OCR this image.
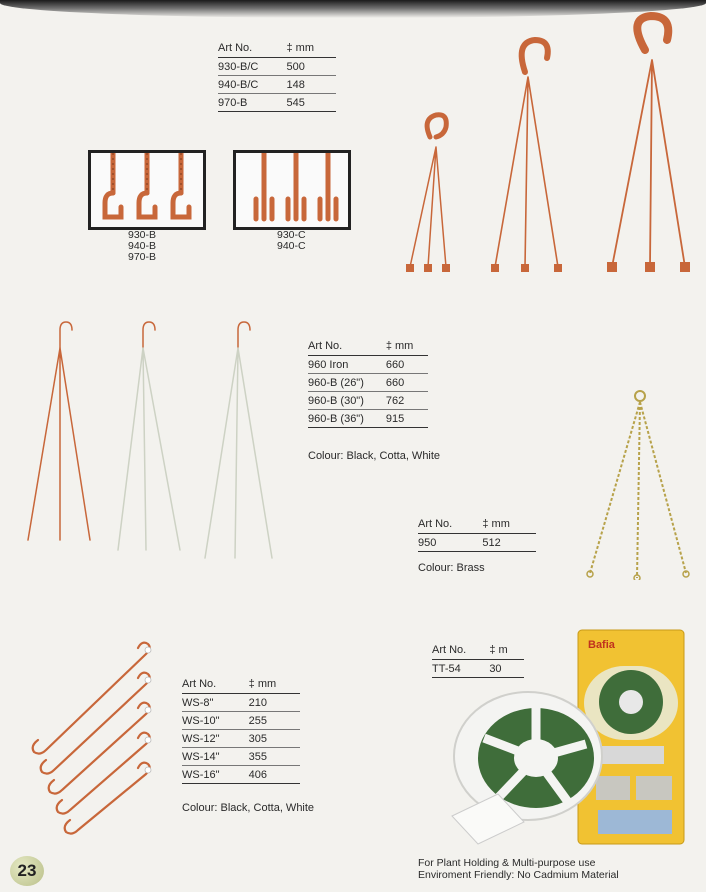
Art No.	‡ mm
930-B/C	500
940-B/C	148
970-B	545
930-B
940-B
970-B
930-C
940-C
Art No.	‡ mm
960 Iron	660
960-B (26")	660
960-B (30")	762
960-B (36")	915
Colour: Black, Cotta, White
Art No.	‡ mm
950	512
Colour: Brass
Art No.	‡ m
TT-54	30
Art No.	‡ mm
WS-8"	210
WS-10"	255
WS-12"	305
WS-14"	355
WS-16"	406
Colour: Black, Cotta, White
Bafia
For Plant Holding & Multi-purpose use
Enviroment Friendly: No Cadmium Material
23
